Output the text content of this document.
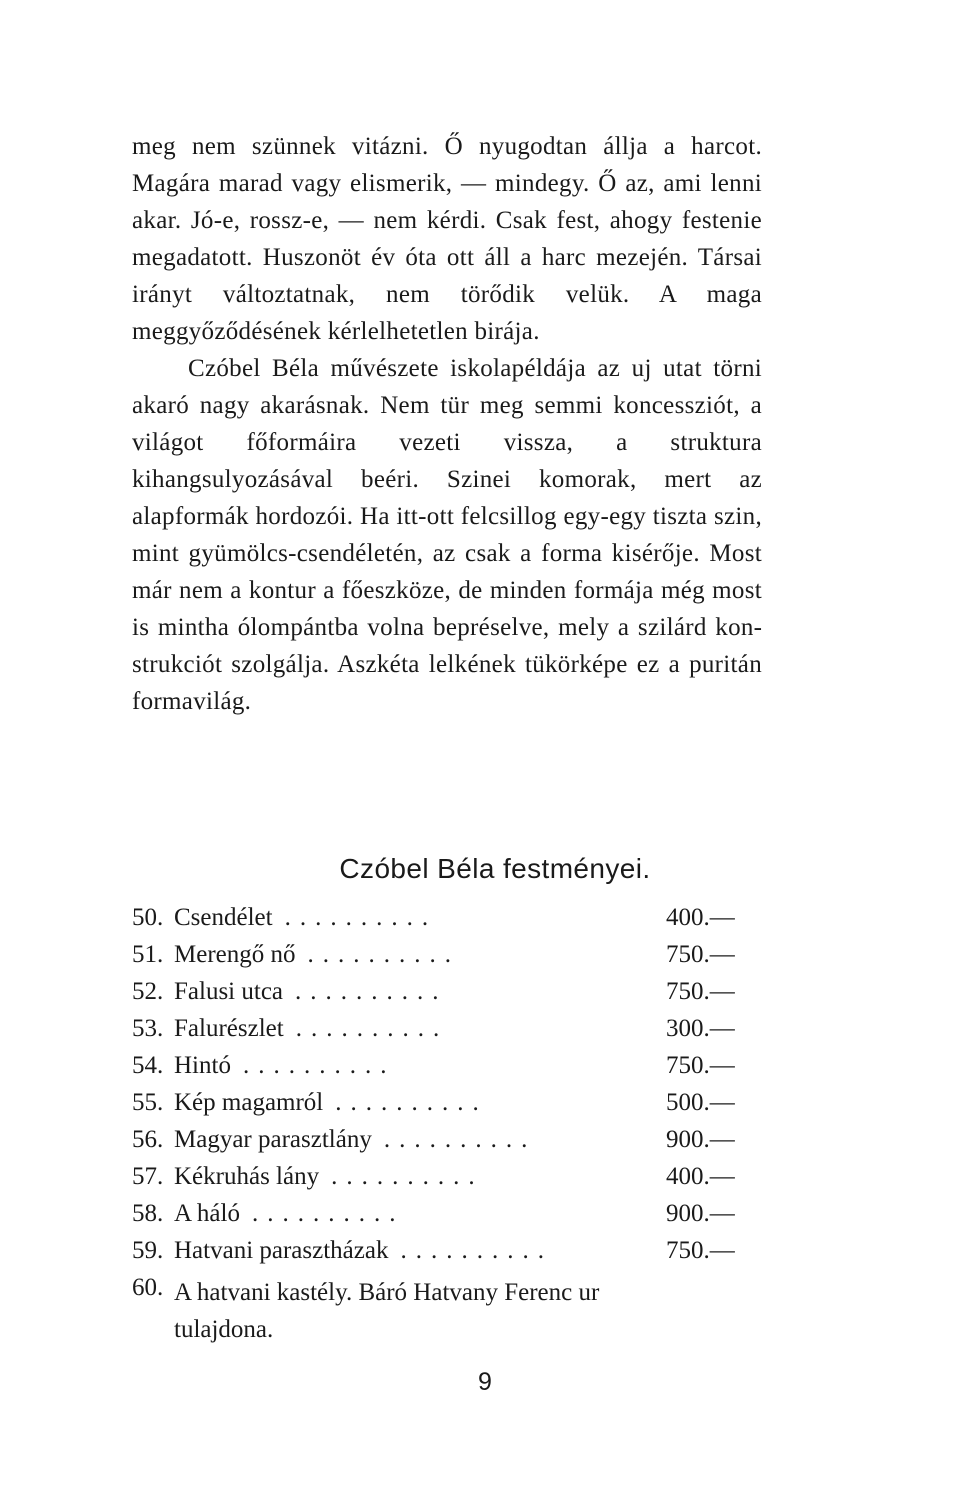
meg nem szünnek vitázni. Ő nyugodtan állja a harcot. Magára marad vagy elismerik, — mindegy. Ő az, ami lenni akar. Jó-e, rossz-e, — nem kérdi. Csak fest, ahogy festenie megadatott. Huszonöt év óta ott áll a harc mezején. Társai irányt változtatnak, nem törődik velük. A maga meggyőződésének kérlelhetetlen birája.

Czóbel Béla művészete iskolapéldája az uj utat törni akaró nagy akarásnak. Nem tür meg semmi koncessziót, a világot főformáira vezeti vissza, a struktura kihangsulyozásával beéri. Szinei komorak, mert az alapformák hordozói. Ha itt-ott felcsillog egy-egy tiszta szin, mint gyümölcs-csendéletén, az csak a forma kisérője. Most már nem a kontur a főeszköze, de minden formája még most is mintha ólompántba volna bepréselve, mely a szilárd konstrukciót szolgálja. Aszkéta lelkének tükörképe ez a puritán formavilág.

Czóbel Béla festményei.
50. Csendélet ..........	400.—
51. Merengő nő ..........	750.—
52. Falusi utca ..........	750.—
53. Falurészlet ..........	300.—
54. Hintó ..........	750.—
55. Kép magamról ..........	500.—
56. Magyar parasztlány ..........	900.—
57. Kékruhás lány ..........	400.—
58. A háló ..........	900.—
59. Hatvani parasztházak ..........	750.—
60. A hatvani kastély. Báró Hatvany Ferenc ur tulajdona.
9
